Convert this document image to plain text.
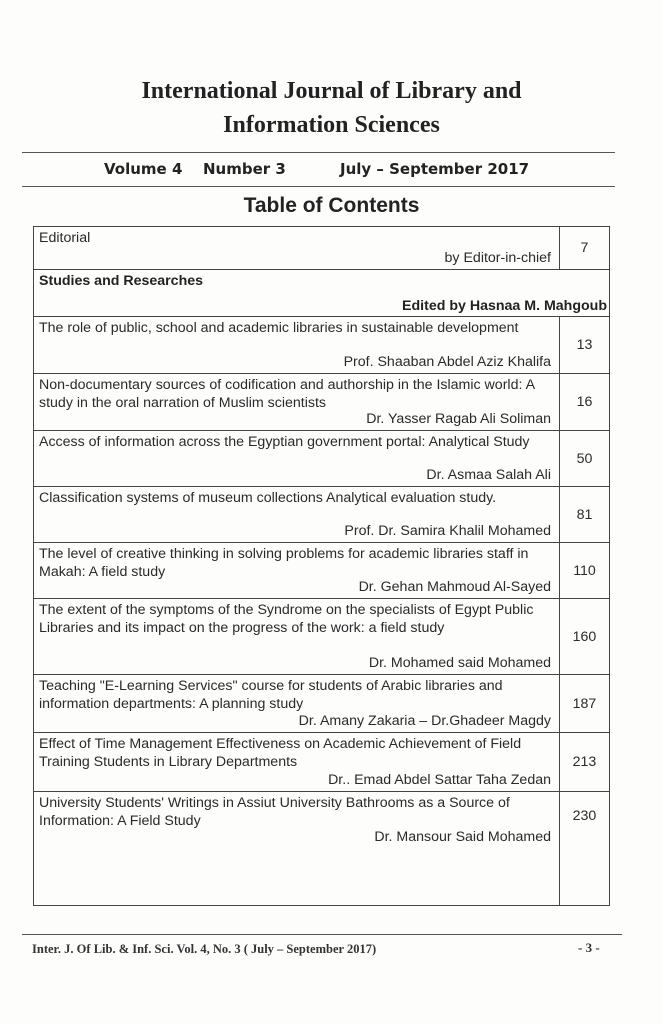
International Journal of Library and
Information Sciences
Volume 4 Number 3	July – September 2017
Table of Contents
Editorial
by Editor-in-chief
7
Studies and Researches
Edited by Hasnaa M. Mahgoub
The role of public, school and academic libraries in sustainable development
Prof. Shaaban Abdel Aziz Khalifa
13
Non-documentary sources of codification and authorship in the Islamic world: A study in the oral narration of Muslim scientists
Dr. Yasser Ragab Ali Soliman
16
Access of information across the Egyptian government portal: Analytical Study
Dr. Asmaa Salah Ali
50
Classification systems of museum collections Analytical evaluation study.
Prof. Dr. Samira Khalil Mohamed
81
The level of creative thinking in solving problems for academic libraries staff in Makah: A field study
Dr. Gehan Mahmoud Al-Sayed
110
The extent of the symptoms of the Syndrome on the specialists of Egypt Public Libraries and its impact on the progress of the work: a field study
Dr. Mohamed said Mohamed
160
Teaching "E-Learning Services" course for students of Arabic libraries and information departments: A planning study
Dr. Amany Zakaria – Dr.Ghadeer Magdy
187
Effect of Time Management Effectiveness on Academic Achievement of Field Training Students in Library Departments
Dr.. Emad Abdel Sattar Taha Zedan
213
University Students' Writings in Assiut University Bathrooms as a Source of Information: A Field Study
Dr. Mansour Said Mohamed
230
Inter. J. Of Lib. & Inf. Sci. Vol. 4, No. 3 ( July – September 2017)	- 3 -
